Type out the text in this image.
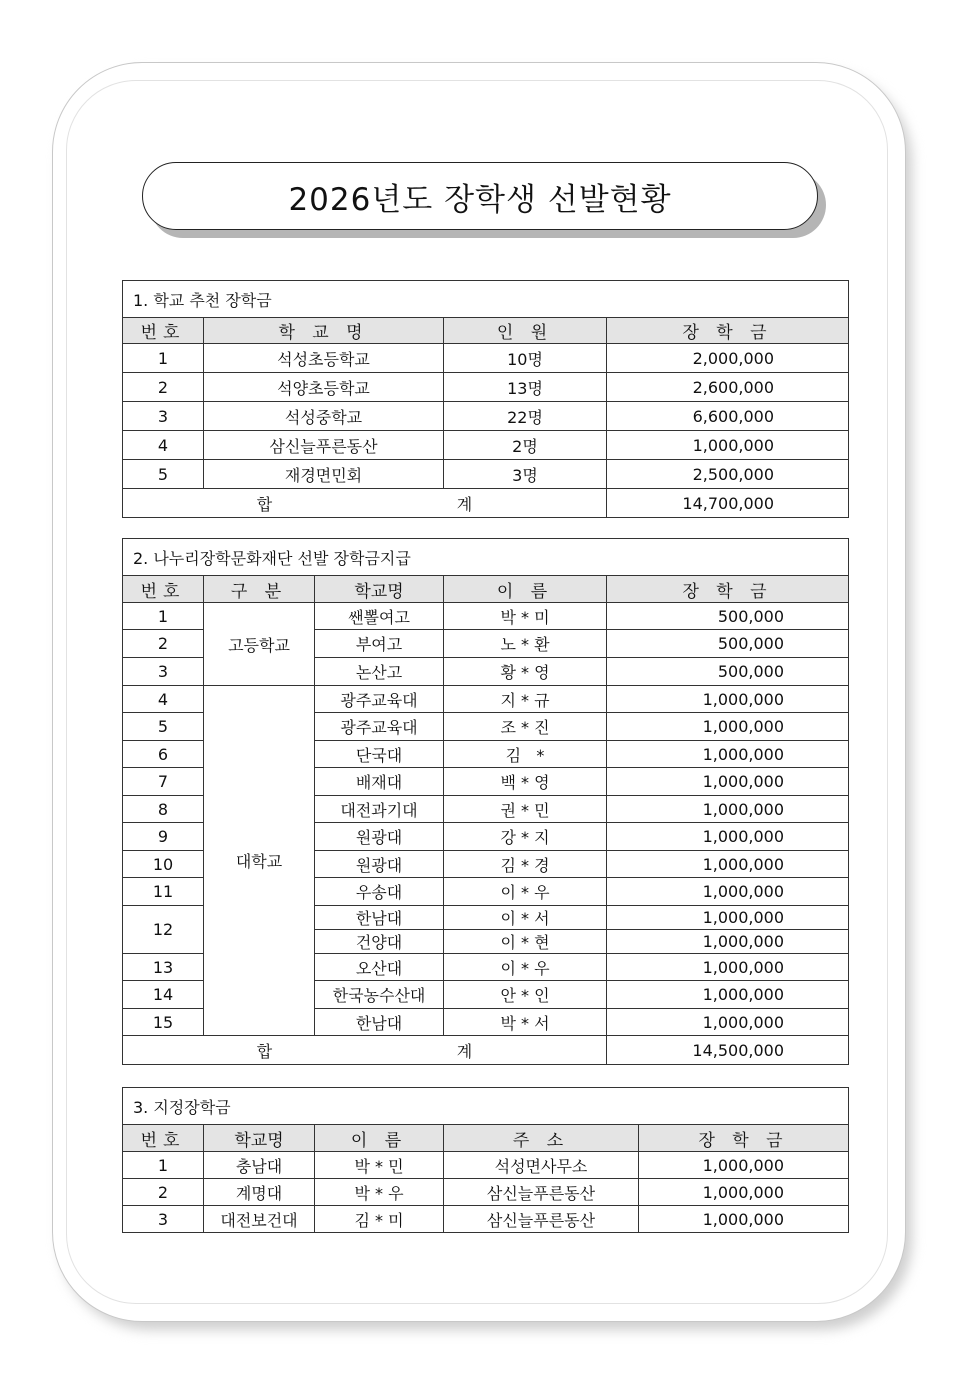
2026년도 장학생 선발현황
1. 학교 추천 장학금			
번호	학 교 명	인 원	장 학 금
1	석성초등학교	10명	2,000,000
2	석양초등학교	13명	2,600,000
3	석성중학교	22명	6,600,000
4	삼신늘푸른동산	2명	1,000,000
5	재경면민회	3명	2,500,000
합 계			14,700,000
2. 나누리장학문화재단 선발 장학금지급				
번호	구 분	학교명	이 름	장 학 금
1	고등학교	쌘뽈여고	박 * 미	500,000
2		부여고	노 * 환	500,000
3		논산고	황 * 영	500,000
4	대학교	광주교육대	지 * 규	1,000,000
5		광주교육대	조 * 진	1,000,000
6		단국대	김   *	1,000,000
7		배재대	백 * 영	1,000,000
8		대전과기대	권 * 민	1,000,000
9		원광대	강 * 지	1,000,000
10		원광대	김 * 경	1,000,000
11		우송대	이 * 우	1,000,000
12		한남대	이 * 서	1,000,000
		건양대	이 * 현	1,000,000
13		오산대	이 * 우	1,000,000
14		한국농수산대	안 * 인	1,000,000
15		한남대	박 * 서	1,000,000
합 계				14,500,000
3. 지정장학금				
번호	학교명	이 름	주 소	장 학 금
1	충남대	박 * 민	석성면사무소	1,000,000
2	계명대	박 * 우	삼신늘푸른동산	1,000,000
3	대전보건대	김 * 미	삼신늘푸른동산	1,000,000
